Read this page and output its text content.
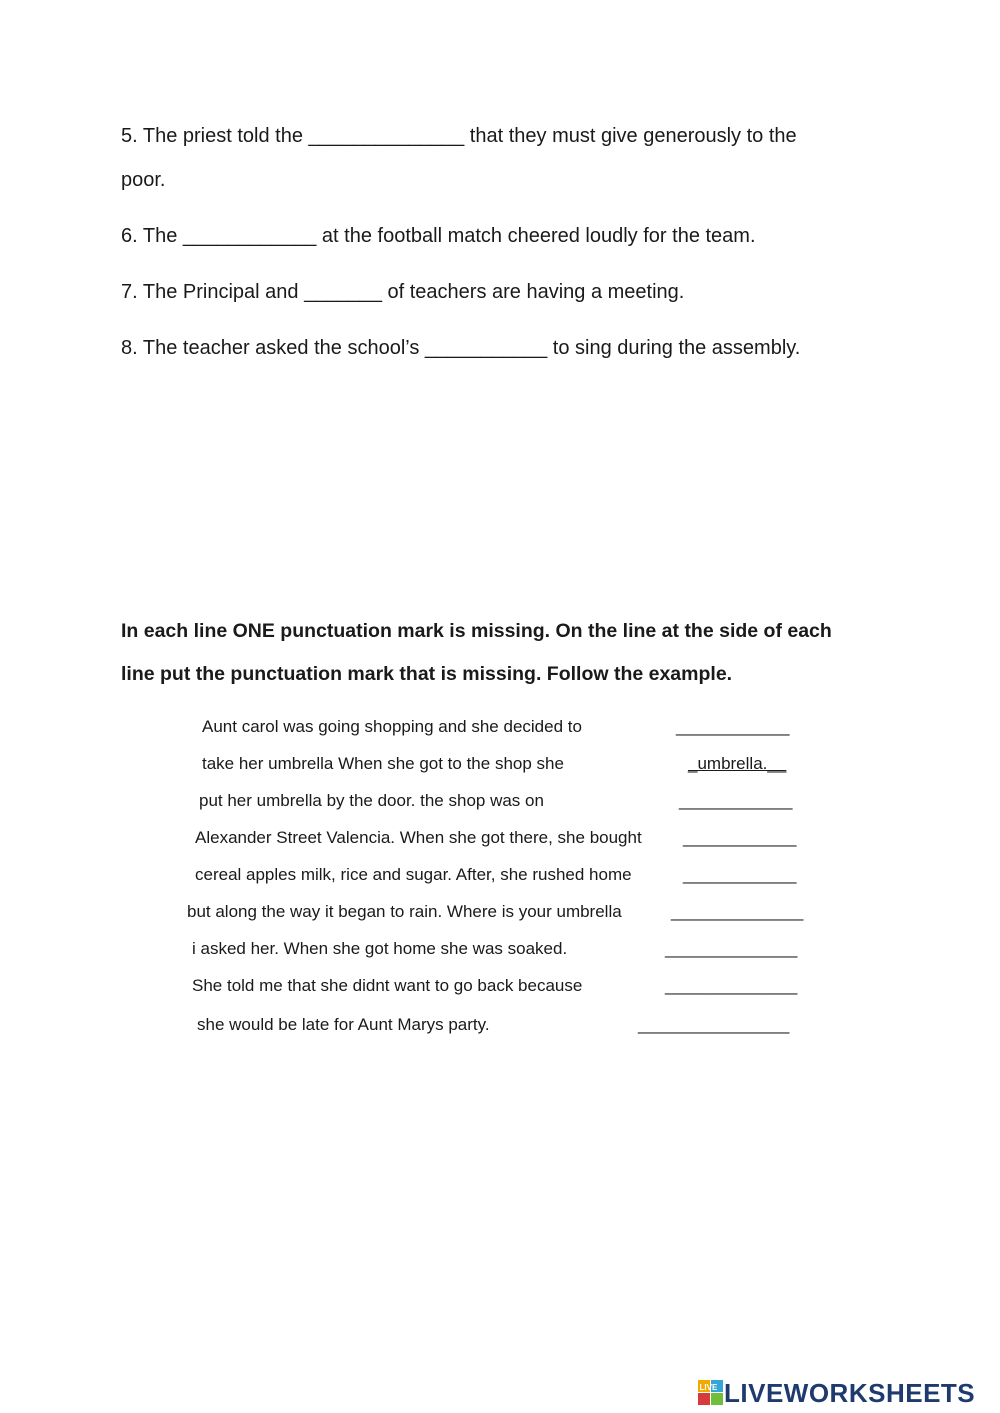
5. The priest told the ______________ that they must give generously to the
poor.
6. The ____________ at the football match cheered loudly for the team.
7. The Principal and _______ of teachers are having a meeting.
8. The teacher asked the school’s ___________ to sing during the assembly.
In each line ONE punctuation mark is missing. On the line at the side of each
line put the punctuation mark that is missing. Follow the example.
Aunt carol was going shopping and she decided to	____________
take her umbrella When she got to the shop she	_umbrella.__
put her umbrella by the door. the shop was on	____________
Alexander Street Valencia. When she got there, she bought ____________
cereal apples milk, rice and sugar. After, she rushed home	____________
but along the way it began to rain. Where is your umbrella	______________
i asked her. When she got home she was soaked.	______________
She told me that she didnt want to go back because	______________
she would be late for Aunt Marys party.	________________
LIVE LIVEWORKSHEETS
